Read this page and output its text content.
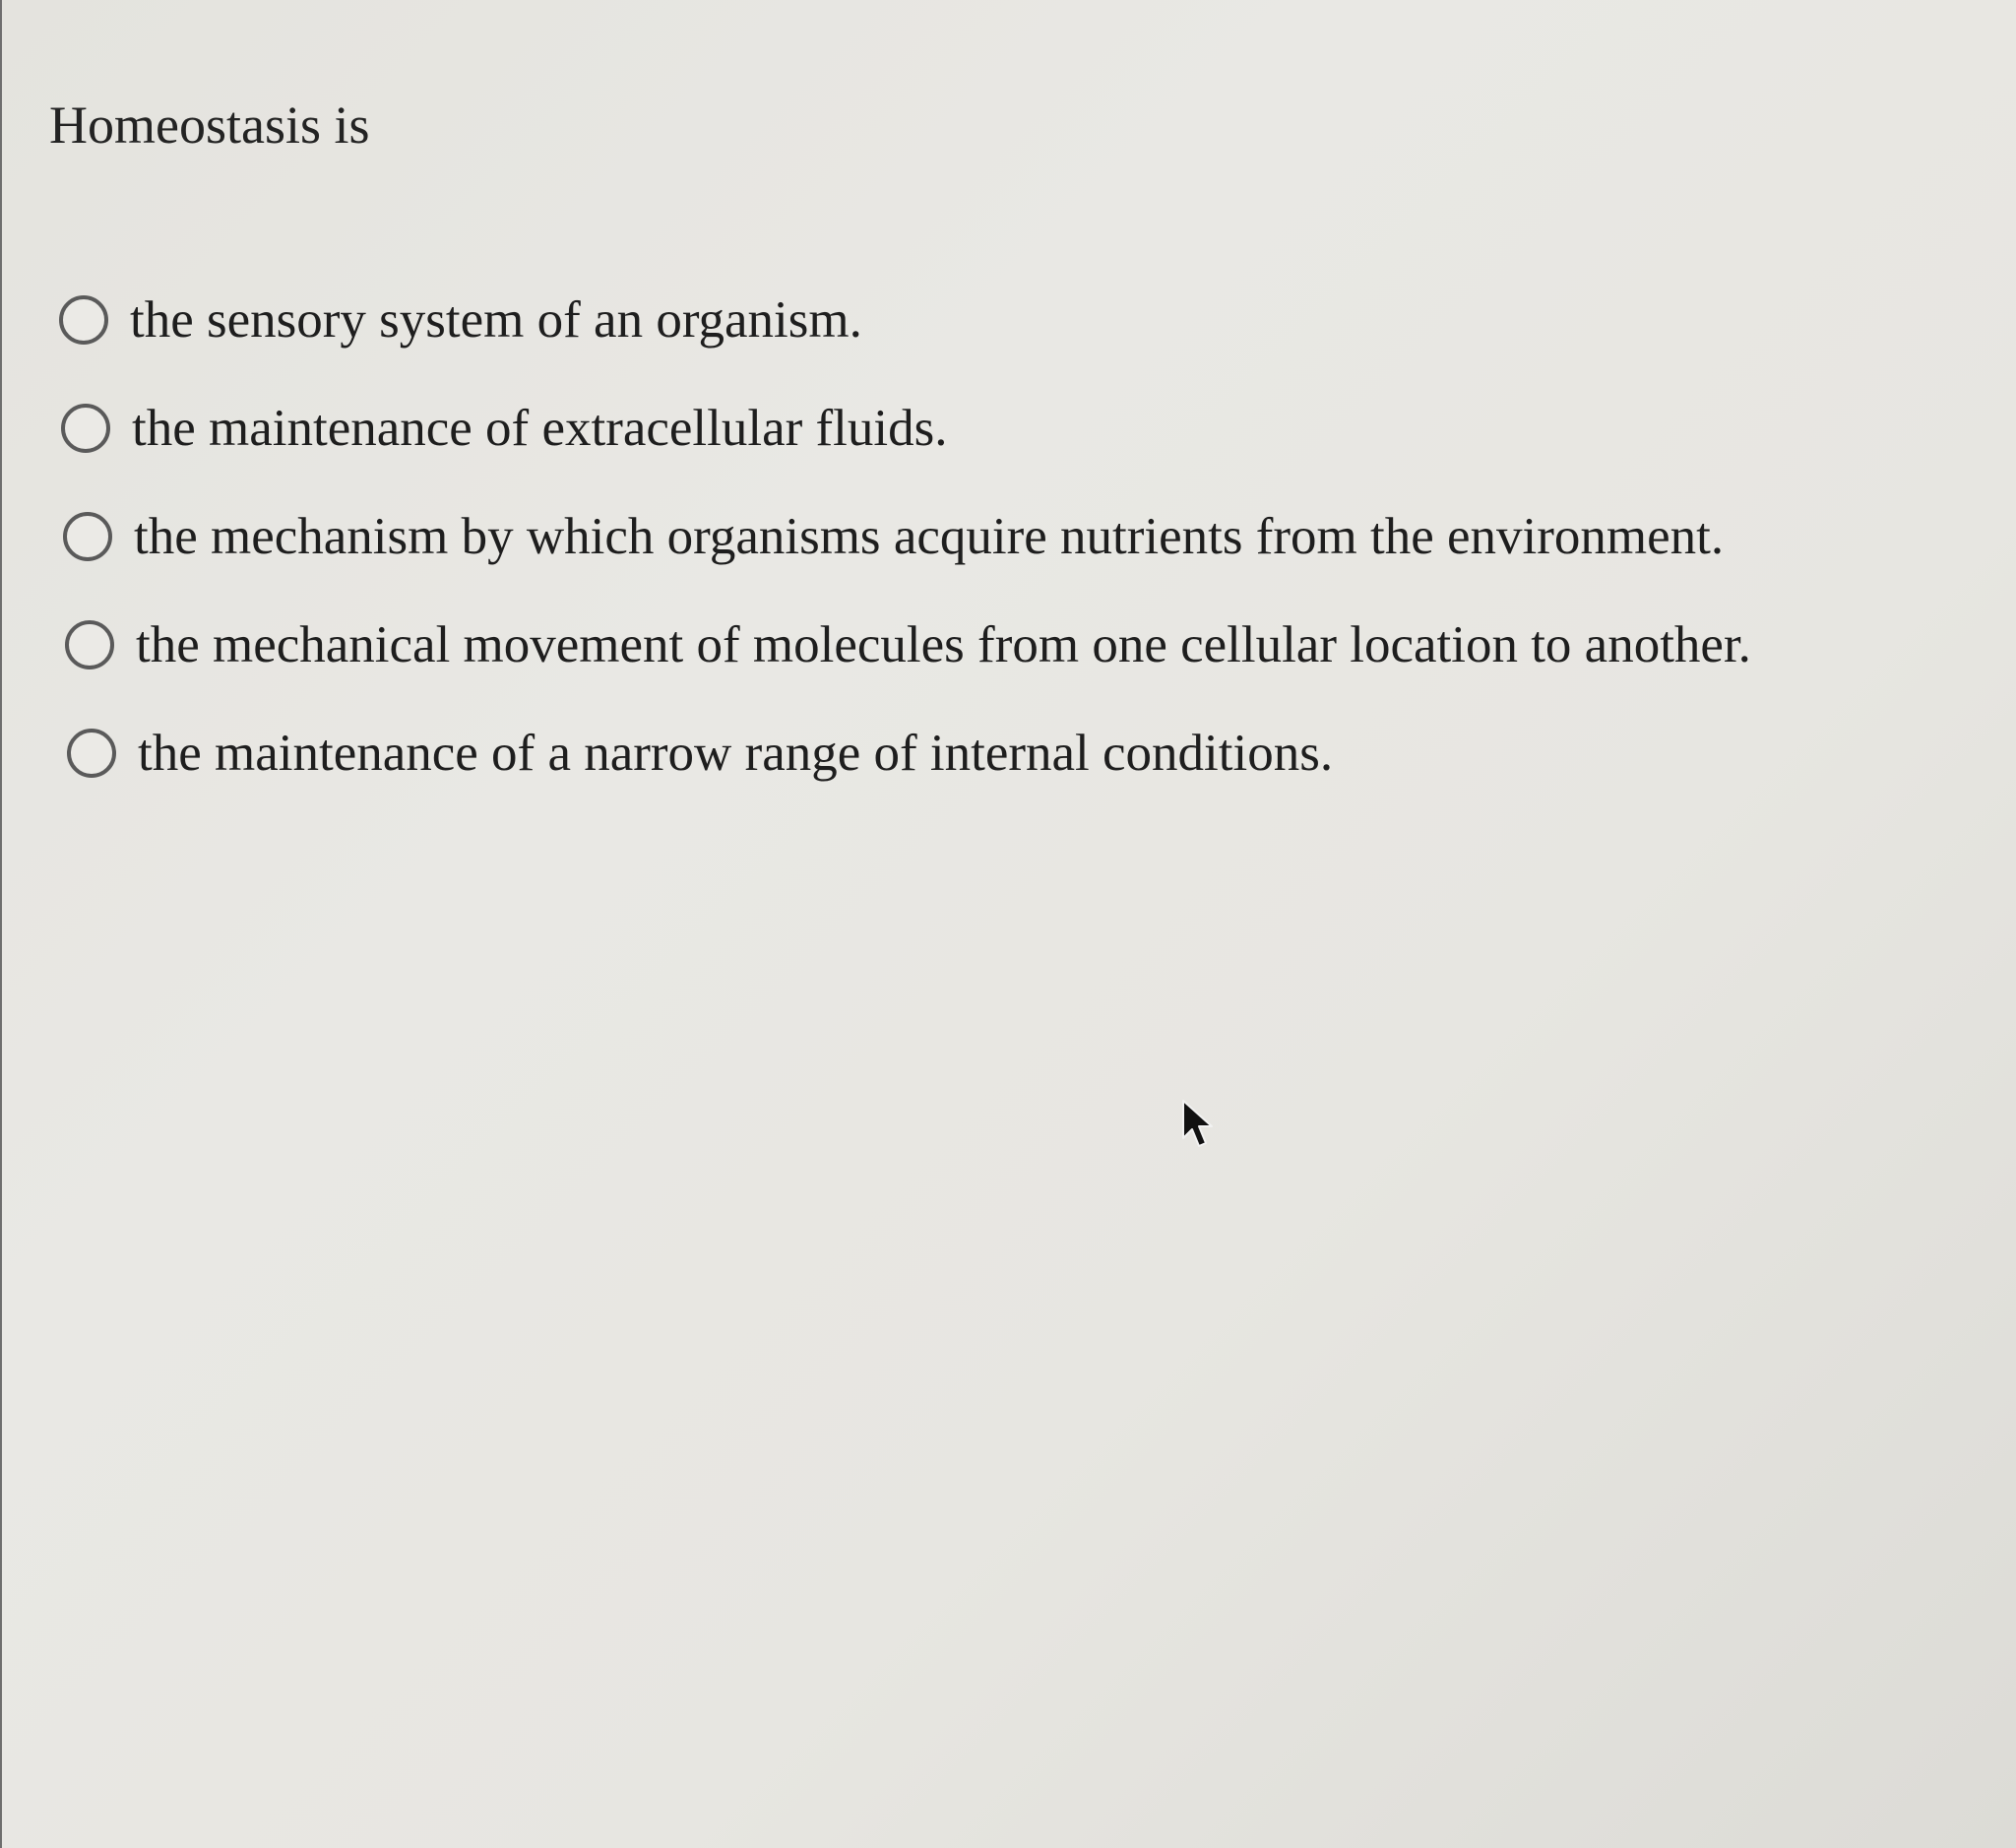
Homeostasis is
the sensory system of an organism.
the maintenance of extracellular fluids.
the mechanism by which organisms acquire nutrients from the environment.
the mechanical movement of molecules from one cellular location to another.
the maintenance of a narrow range of internal conditions.
